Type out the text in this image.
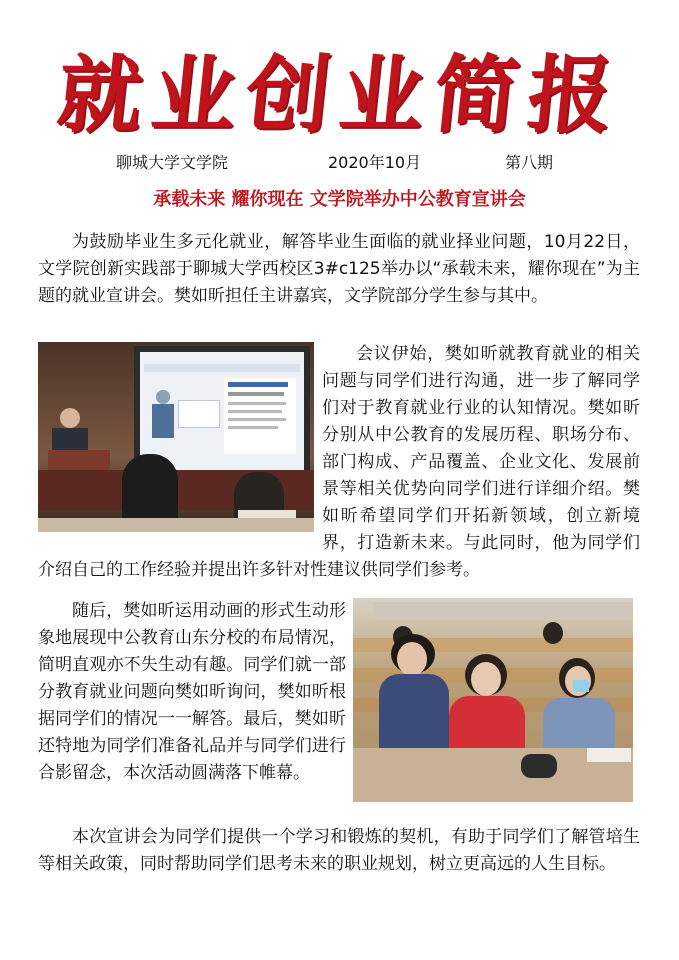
就业创业简报
聊城大学文学院	2020年10月	第八期
承载未来 耀你现在 文学院举办中公教育宣讲会

为鼓励毕业生多元化就业，解答毕业生面临的就业择业问题，10月22日，文学院创新实践部于聊城大学西校区3#c125举办以“承载未来，耀你现在”为主题的就业宣讲会。樊如昕担任主讲嘉宾，文学院部分学生参与其中。

会议伊始，樊如昕就教育就业的相关问题与同学们进行沟通，进一步了解同学们对于教育就业行业的认知情况。樊如昕分别从中公教育的发展历程、职场分布、部门构成、产品覆盖、企业文化、发展前景等相关优势向同学们进行详细介绍。樊如昕希望同学们开拓新领域，创立新境界，打造新未来。与此同时，他为同学们介绍自己的工作经验并提出许多针对性建议供同学们参考。
随后，樊如昕运用动画的形式生动形象地展现中公教育山东分校的布局情况，简明直观亦不失生动有趣。同学们就一部分教育就业问题向樊如昕询问，樊如昕根据同学们的情况一一解答。最后，樊如昕还特地为同学们准备礼品并与同学们进行合影留念，本次活动圆满落下帷幕。

本次宣讲会为同学们提供一个学习和锻炼的契机，有助于同学们了解管培生等相关政策，同时帮助同学们思考未来的职业规划，树立更高远的人生目标。
